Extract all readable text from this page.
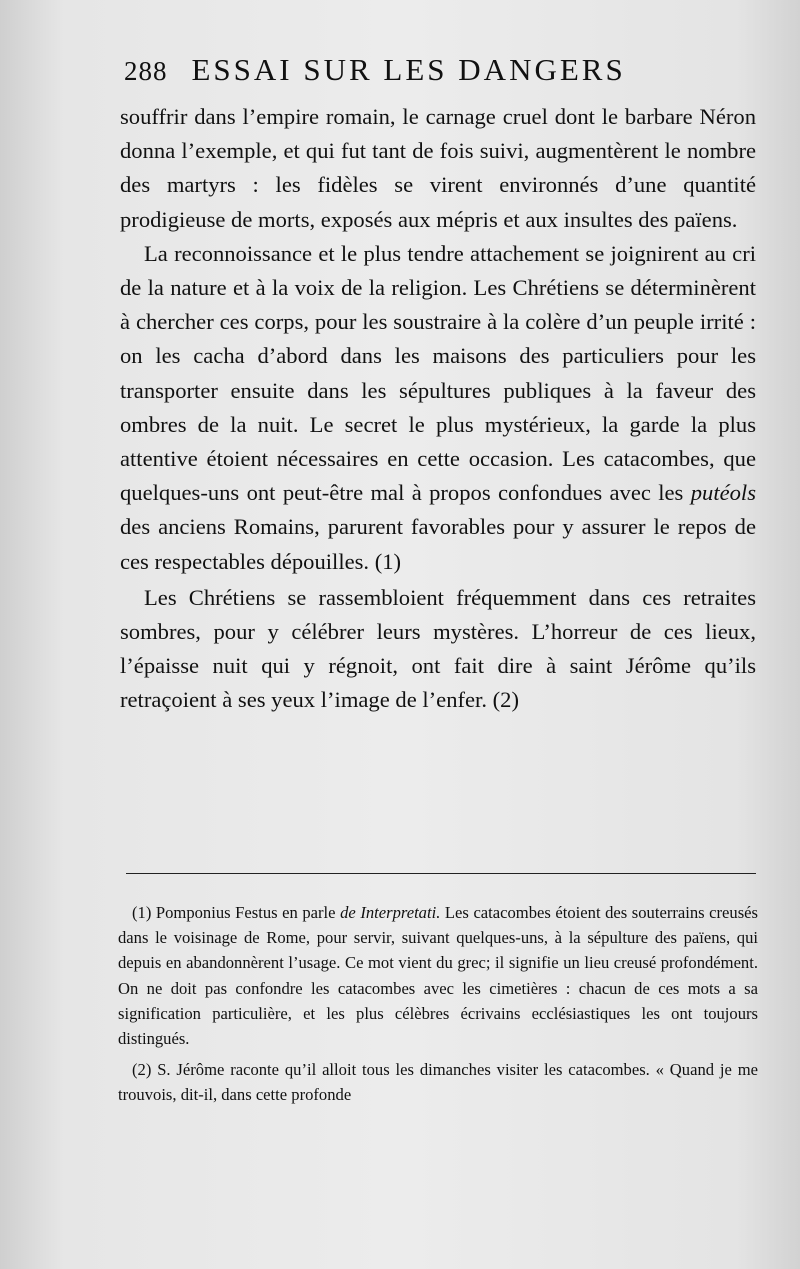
288 ESSAI SUR LES DANGERS

souffrir dans l’empire romain, le carnage cruel dont le barbare Néron donna l’exemple, et qui fut tant de fois suivi, augmentèrent le nombre des martyrs : les fidèles se virent environnés d’une quantité prodigieuse de morts, exposés aux mépris et aux insultes des païens.

La reconnoissance et le plus tendre attachement se joignirent au cri de la nature et à la voix de la religion. Les Chrétiens se déterminèrent à chercher ces corps, pour les soustraire à la colère d’un peuple irrité : on les cacha d’abord dans les maisons des particuliers pour les transporter ensuite dans les sépultures publiques à la faveur des ombres de la nuit. Le secret le plus mystérieux, la garde la plus attentive étoient nécessaires en cette occasion. Les catacombes, que quelques-uns ont peut-être mal à propos confondues avec les putéols des anciens Romains, parurent favorables pour y assurer le repos de ces respectables dépouilles. (1)

Les Chrétiens se rassembloient fréquemment dans ces retraites sombres, pour y célébrer leurs mystères. L’horreur de ces lieux, l’épaisse nuit qui y régnoit, ont fait dire à saint Jérôme qu’ils retraçoient à ses yeux l’image de l’enfer. (2)

(1) Pomponius Festus en parle de Interpretati. Les catacombes étoient des souterrains creusés dans le voisinage de Rome, pour servir, suivant quelques-uns, à la sépulture des païens, qui depuis en abandonnèrent l’usage. Ce mot vient du grec; il signifie un lieu creusé profondément. On ne doit pas confondre les catacombes avec les cimetières : chacun de ces mots a sa signification particulière, et les plus célèbres écrivains ecclésiastiques les ont toujours distingués.

(2) S. Jérôme raconte qu’il alloit tous les dimanches visiter les catacombes. « Quand je me trouvois, dit-il, dans cette profonde
